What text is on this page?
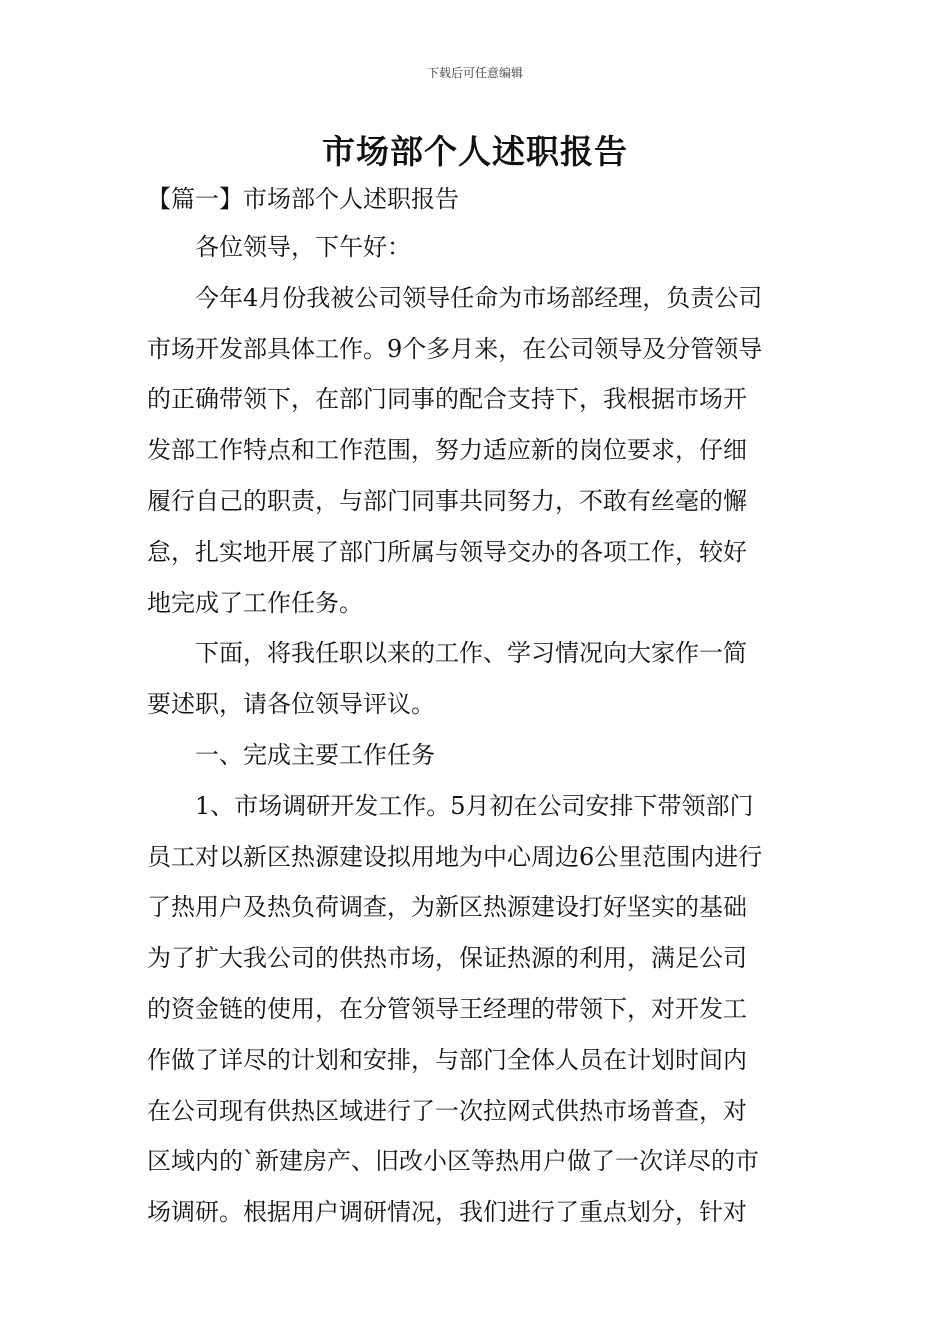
下载后可任意编辑
市场部个人述职报告
【篇一】市场部个人述职报告

各位领导，下午好：

今年4月份我被公司领导任命为市场部经理，负责公司
市场开发部具体工作。9个多月来，在公司领导及分管领导
的正确带领下，在部门同事的配合支持下，我根据市场开
发部工作特点和工作范围，努力适应新的岗位要求，仔细
履行自己的职责，与部门同事共同努力，不敢有丝毫的懈
怠，扎实地开展了部门所属与领导交办的各项工作，较好
地完成了工作任务。

下面，将我任职以来的工作、学习情况向大家作一简
要述职，请各位领导评议。

一、完成主要工作任务

1、市场调研开发工作。5月初在公司安排下带领部门
员工对以新区热源建设拟用地为中心周边6公里范围内进行
了热用户及热负荷调查，为新区热源建设打好坚实的基础
为了扩大我公司的供热市场，保证热源的利用，满足公司
的资金链的使用，在分管领导王经理的带领下，对开发工
作做了详尽的计划和安排，与部门全体人员在计划时间内
在公司现有供热区域进行了一次拉网式供热市场普查，对
区域内的`新建房产、旧改小区等热用户做了一次详尽的市
场调研。根据用户调研情况，我们进行了重点划分，针对
